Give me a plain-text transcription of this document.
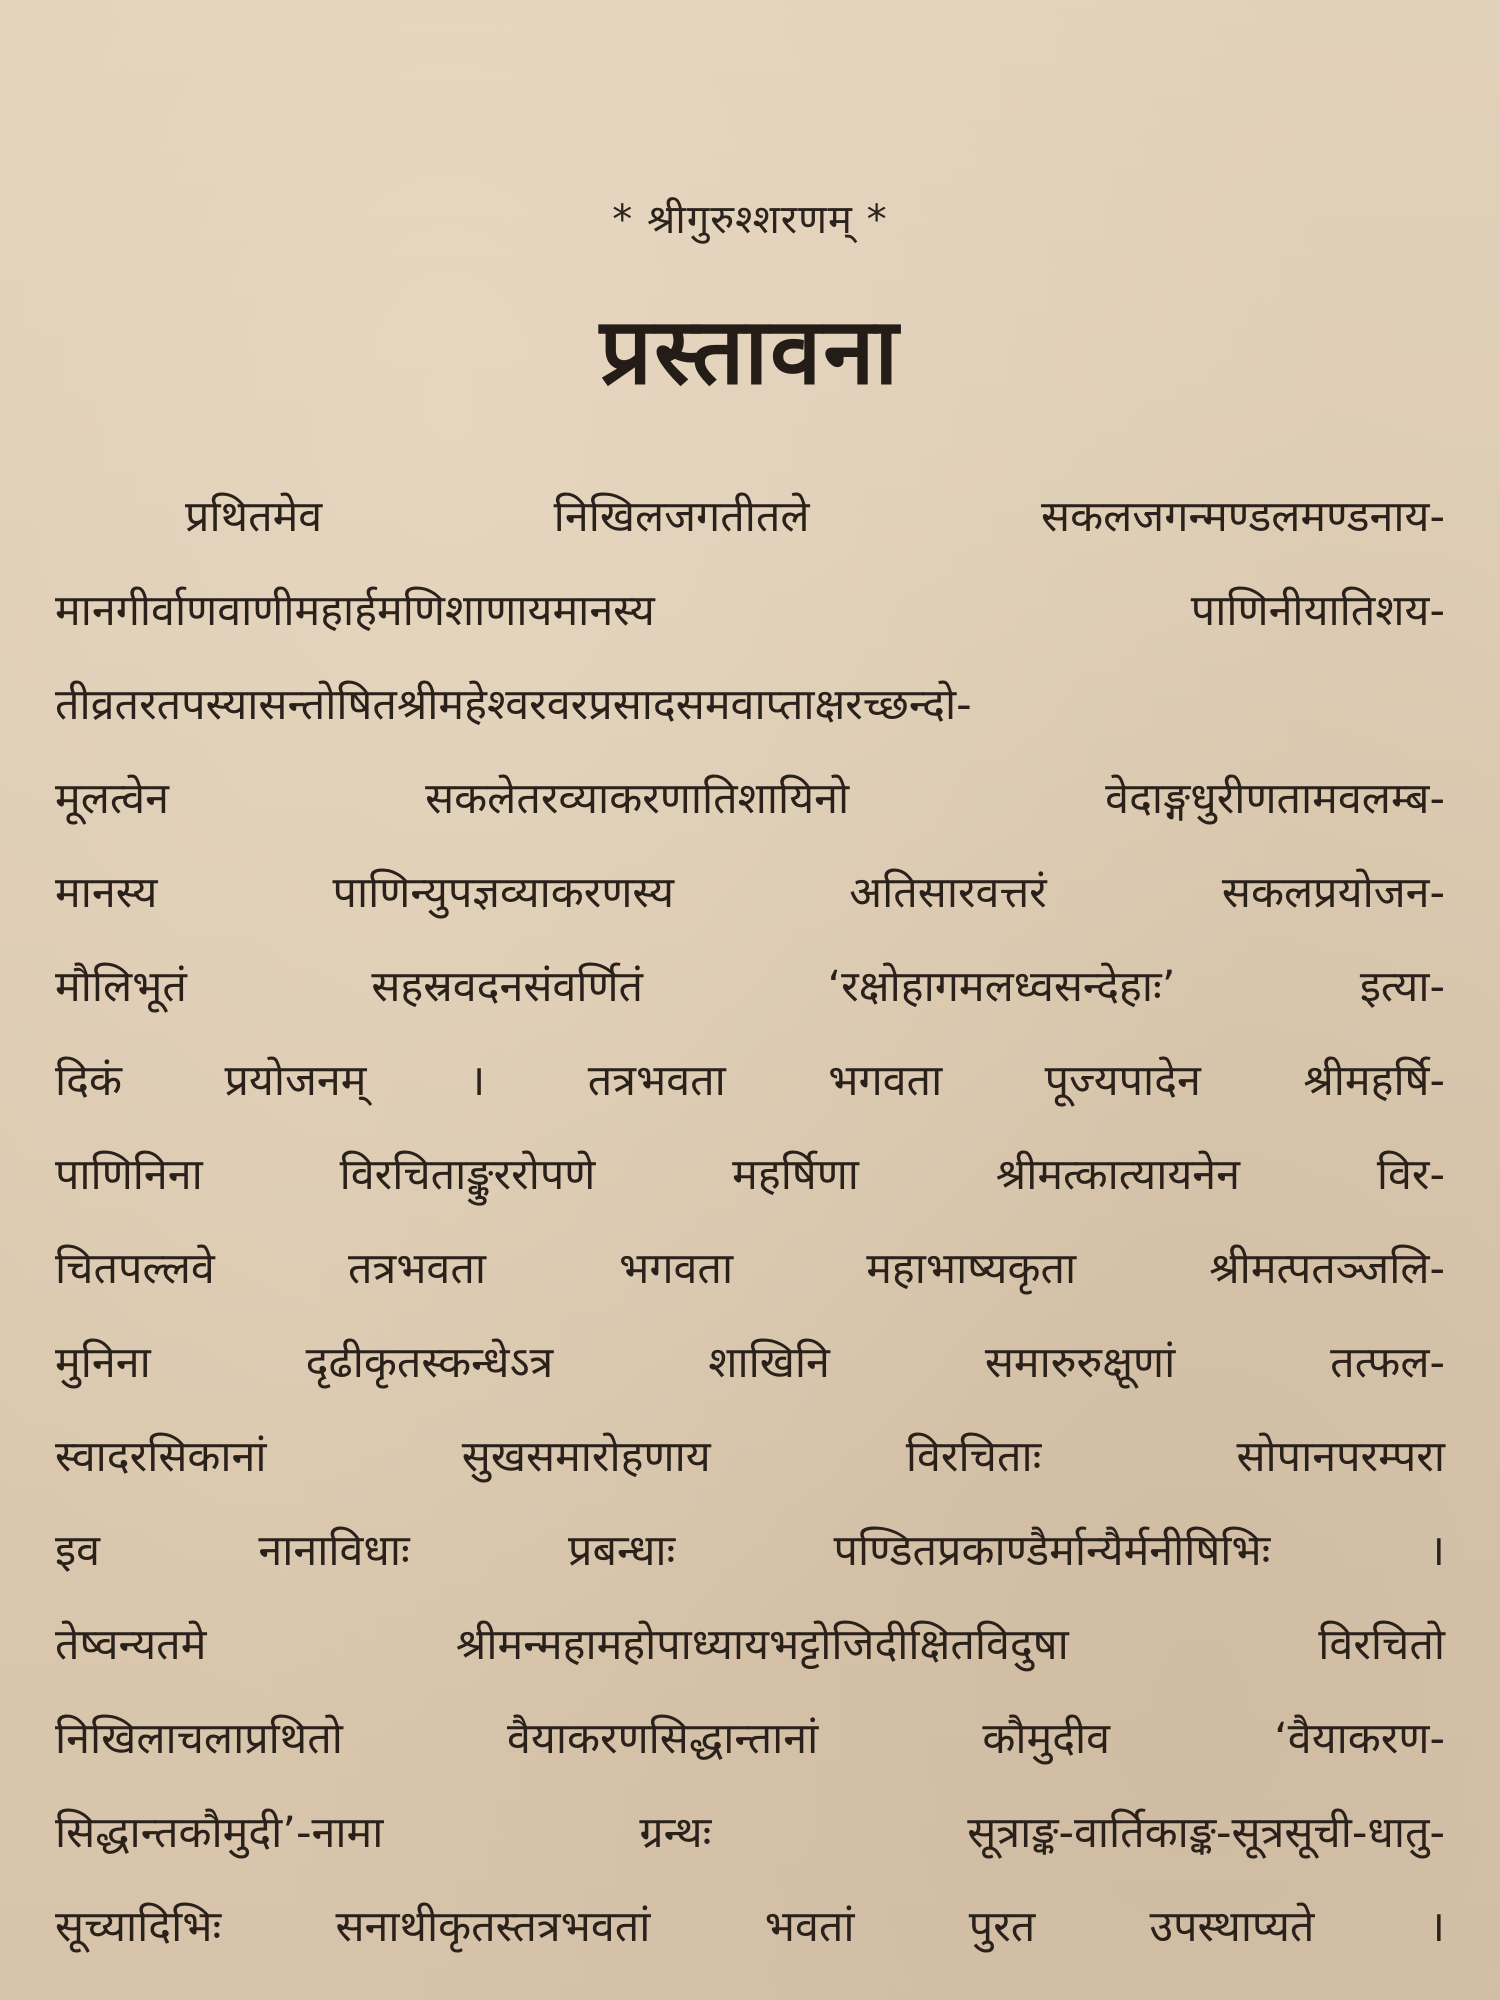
* श्रीगुरुश्शरणम् *
प्रस्तावना
प्रथितमेव निखिलजगतीतले सकलजगन्मण्डलमण्डनाय-
मानगीर्वाणवाणीमहार्हमणिशाणायमानस्य पाणिनीयातिशय-
तीव्रतरतपस्यासन्तोषितश्रीमहेश्वरवरप्रसादसमवाप्ताक्षरच्छन्दो-
मूलत्वेन सकलेतरव्याकरणातिशायिनो वेदाङ्गधुरीणतामवलम्ब-
मानस्य पाणिन्युपज्ञव्याकरणस्य अतिसारवत्तरं सकलप्रयोजन-
मौलिभूतं सहस्रवदनसंवर्णितं ‘रक्षोहागमलध्वसन्देहाः’ इत्या-
दिकं प्रयोजनम् । तत्रभवता भगवता पूज्यपादेन श्रीमहर्षि-
पाणिनिना विरचिताङ्कुररोपणे महर्षिणा श्रीमत्कात्यायनेन विर-
चितपल्लवे तत्रभवता भगवता महाभाष्यकृता श्रीमत्पतञ्जलि-
मुनिना दृढीकृतस्कन्धेऽत्र शाखिनि समारुरुक्षूणां तत्फल-
स्वादरसिकानां सुखसमारोहणाय विरचिताः सोपानपरम्परा
इव नानाविधाः प्रबन्धाः पण्डितप्रकाण्डैर्मान्यैर्मनीषिभिः ।
तेष्वन्यतमे श्रीमन्महामहोपाध्यायभट्टोजिदीक्षितविदुषा विरचितो
निखिलाचलाप्रथितो वैयाकरणसिद्धान्तानां कौमुदीव ‘वैयाकरण-
सिद्धान्तकौमुदी’-नामा ग्रन्थः सूत्राङ्क-वार्तिकाङ्क-सूत्रसूची-धातु-
सूच्यादिभिः सनाथीकृतस्तत्रभवतां भवतां पुरत उपस्थाप्यते ।
